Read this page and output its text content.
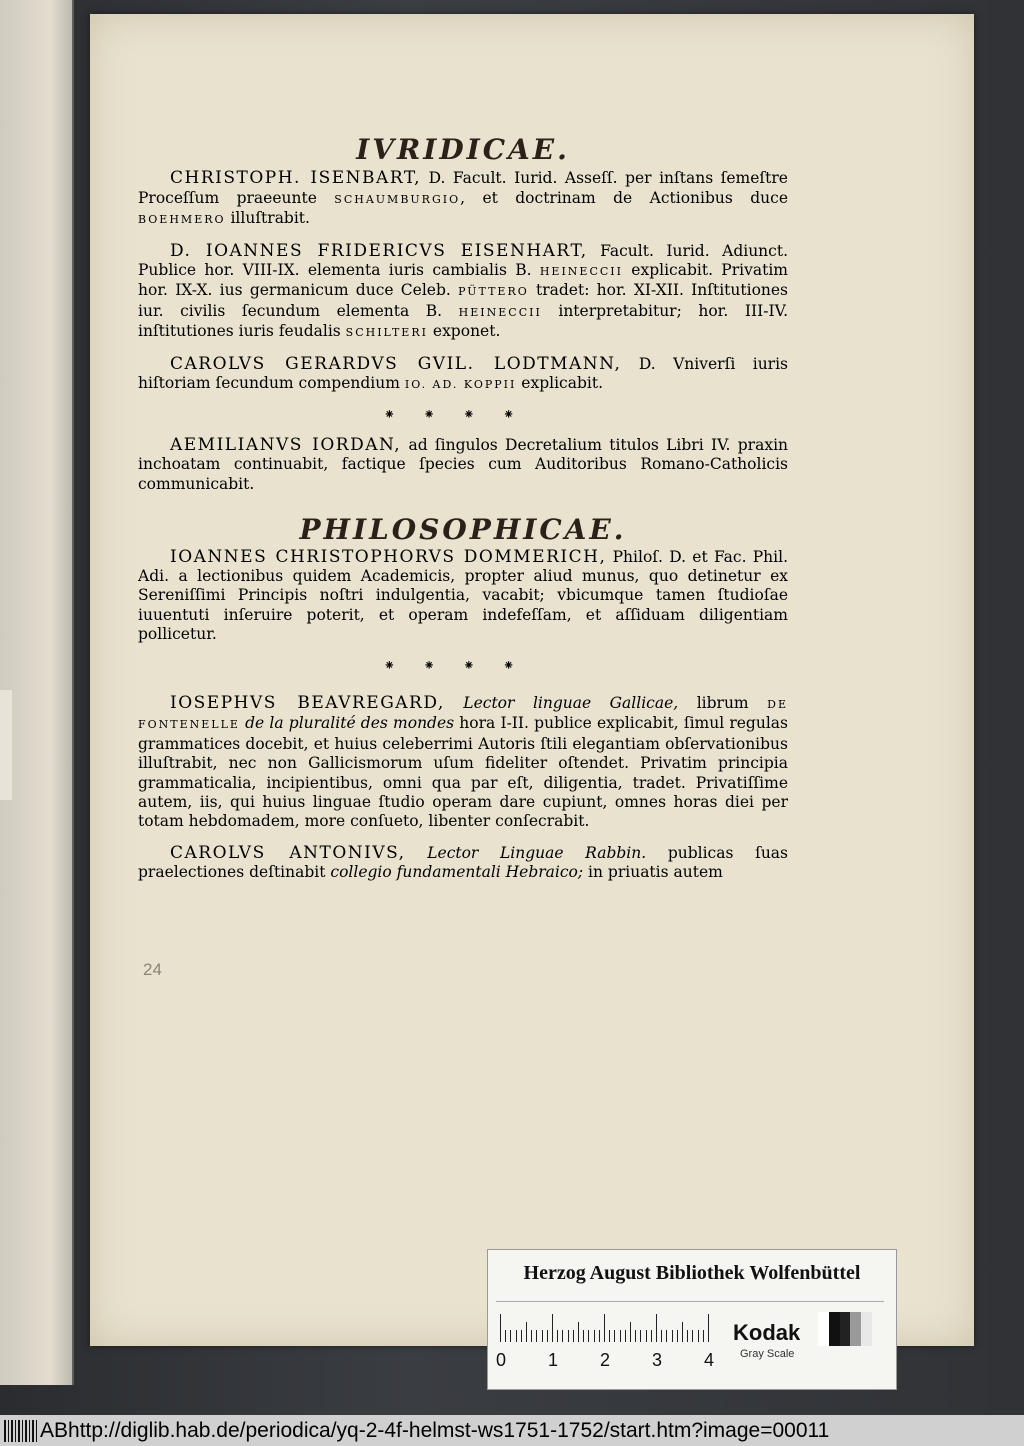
IVRIDICAE.

CHRISTOPH. ISENBART, D. Facult. Iurid. Asseſſ. per inſtans ſemeſtre Proceſſum praeeunte SCHAUMBURGIO, et doctrinam de Actionibus duce BOEHMERO illuſtrabit.

D. IOANNES FRIDERICVS EISENHART, Facult. Iurid. Adiunct. Publice hor. VIII-IX. elementa iuris cambialis B. HEINECCII explicabit. Privatim hor. IX-X. ius germanicum duce Celeb. PÜTTERO tradet: hor. XI-XII. Inſtitutiones iur. civilis ſecundum elementa B. HEINECCII interpretabitur; hor. III-IV. inſtitutiones iuris feudalis SCHILTERI exponet.

CAROLVS GERARDVS GVIL. LODTMANN, D. Vniverſi iuris hiſtoriam ſecundum compendium IO. AD. KOPPII explicabit.

⁕⁕⁕⁕

AEMILIANVS IORDAN, ad ſingulos Decretalium titulos Libri IV. praxin inchoatam continuabit, factique ſpecies cum Auditoribus Romano-Catholicis communicabit.

PHILOSOPHICAE.

IOANNES CHRISTOPHORVS DOMMERICH, Philoſ. D. et Fac. Phil. Adi. a lectionibus quidem Academicis, propter aliud munus, quo detinetur ex Sereniſſimi Principis noſtri indulgentia, vacabit; vbicumque tamen ſtudioſae iuuentuti inſeruire poterit, et operam indefeſſam, et aſſiduam diligentiam pollicetur.

⁕⁕⁕⁕

IOSEPHVS BEAVREGARD, Lector linguae Gallicae, librum DE FONTENELLE de la pluralité des mondes hora I-II. publice explicabit, ſimul regulas grammatices docebit, et huius celeberrimi Autoris ſtili elegantiam obſervationibus illuſtrabit, nec non Gallicismorum uſum fideliter oſtendet. Privatim principia grammaticalia, incipientibus, omni qua par eſt, diligentia, tradet. Privatiſſime autem, iis, qui huius linguae ſtudio operam dare cupiunt, omnes horas diei per totam hebdomadem, more conſueto, libenter conſecrabit.

CAROLVS ANTONIVS, Lector Linguae Rabbin. publicas ſuas praelectiones deſtinabit collegio fundamentali Hebraico; in priuatis autem

24
Herzog August Bibliothek Wolfenbüttel
0 1 2 3 4
Kodak
Gray Scale
ABhttp://diglib.hab.de/periodica/yq-2-4f-helmst-ws1751-1752/start.htm?image=00011
